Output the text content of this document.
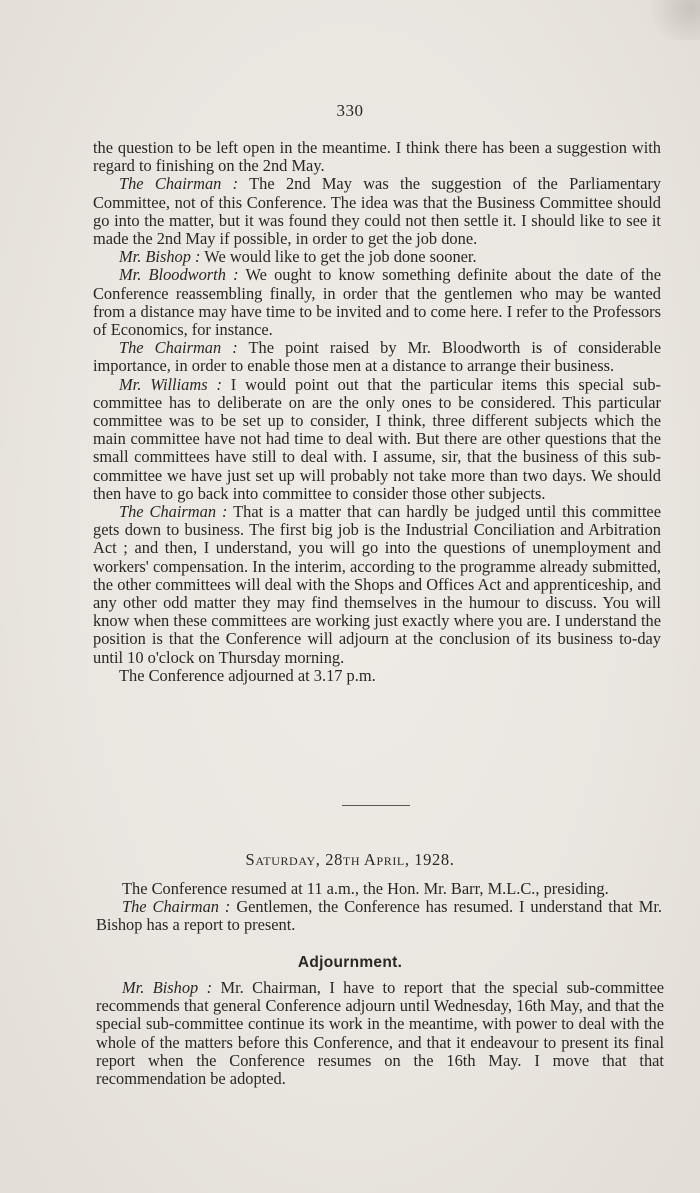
330

the question to be left open in the meantime. I think there has been a suggestion with regard to finishing on the 2nd May.

The Chairman : The 2nd May was the suggestion of the Parliamentary Committee, not of this Conference. The idea was that the Business Committee should go into the matter, but it was found they could not then settle it. I should like to see it made the 2nd May if possible, in order to get the job done.

Mr. Bishop : We would like to get the job done sooner.

Mr. Bloodworth : We ought to know something definite about the date of the Conference reassembling finally, in order that the gentlemen who may be wanted from a distance may have time to be invited and to come here. I refer to the Professors of Economics, for instance.

The Chairman : The point raised by Mr. Bloodworth is of considerable importance, in order to enable those men at a distance to arrange their business.

Mr. Williams : I would point out that the particular items this special sub-committee has to deliberate on are the only ones to be considered. This particular committee was to be set up to consider, I think, three different subjects which the main committee have not had time to deal with. But there are other questions that the small committees have still to deal with. I assume, sir, that the business of this sub-committee we have just set up will probably not take more than two days. We should then have to go back into committee to consider those other subjects.

The Chairman : That is a matter that can hardly be judged until this committee gets down to business. The first big job is the Industrial Conciliation and Arbitration Act ; and then, I understand, you will go into the questions of unemployment and workers' compensation. In the interim, according to the programme already submitted, the other committees will deal with the Shops and Offices Act and apprenticeship, and any other odd matter they may find themselves in the humour to discuss. You will know when these committees are working just exactly where you are. I understand the position is that the Conference will adjourn at the conclusion of its business to-day until 10 o'clock on Thursday morning.

The Conference adjourned at 3.17 p.m.

Saturday, 28th April, 1928.

The Conference resumed at 11 a.m., the Hon. Mr. Barr, M.L.C., presiding.

The Chairman : Gentlemen, the Conference has resumed. I understand that Mr. Bishop has a report to present.

Adjournment.

Mr. Bishop : Mr. Chairman, I have to report that the special sub-committee recommends that general Conference adjourn until Wednesday, 16th May, and that the special sub-committee continue its work in the meantime, with power to deal with the whole of the matters before this Conference, and that it endeavour to present its final report when the Conference resumes on the 16th May. I move that that recommendation be adopted.
